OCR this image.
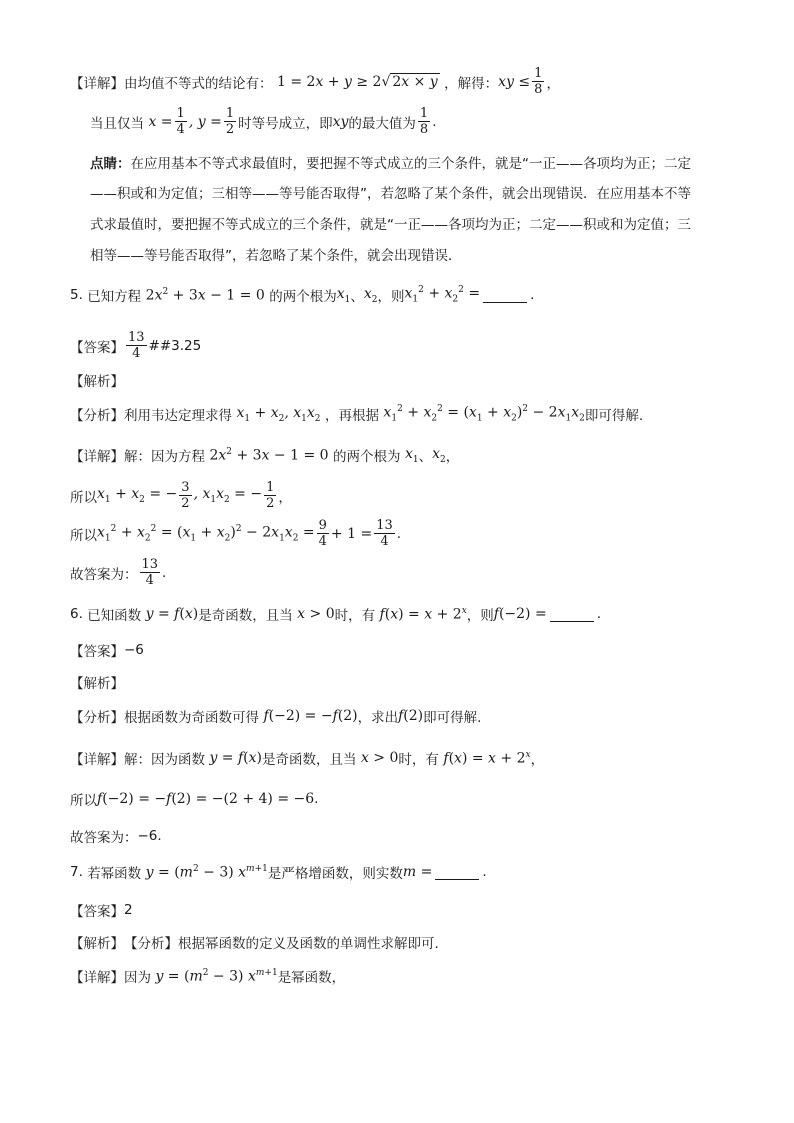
【详解】 由均值不等式的结论有： 1 = 2x + y ≥ 2√ 2x × y ，解得： xy ≤ $\frac{1}{8}$ ，
当且仅当 $x = \frac{1}{4}$ , $y = \frac{1}{2}$ 时等号成立，即 xy 的最大值为 $\frac{1}{8}$ .
点睛： 在应用基本不等式求最值时，要把握不等式成立的三个条件，就是“一正——各项均为正；二定
——积或和为定值；三相等——等号能否取得”，若忽略了某个条件，就会出现错误．在应用基本不等
式求最值时，要把握不等式成立的三个条件，就是“一正——各项均为正；二定——积或和为定值；三
相等——等号能否取得”，若忽略了某个条件，就会出现错误．
5.
已知方程 $2x^2 + 3x - 1 = 0$ 的两个根为 $x_1$ 、 $x_2$ ，则 $x_1^2 + x_2^2$ =	.
【答案】 $\frac{13}{4}$ ##3.25
【解析】
【分析】 利用韦达定理求得 $x_1 + x_2$, $x_1x_2$ ，再根据 $x_1^2 + x_2^2 = (x_1 + x_2)^2 - 2x_1x_2$ 即可得解.
【详解】 解：因为方程 $2x^2 + 3x - 1 = 0$ 的两个根为 $x_1$ 、 $x_2$ ，
所以 $x_1 + x_2$ = − $\frac{3}{2}$ , $x_1x_2$ = − $\frac{1}{2}$ ，
所以 $x_1^2 + x_2^2 = (x_1 + x_2)^2 - 2x_1x_2 = \frac{9}{4} + 1 = \frac{13}{4}$ .
故答案为： $\frac{13}{4}$ .
6.
已知函数 y = f(x) 是奇函数，且当 x > 0 时，有 $f(x) = x + 2^x$ ，则 f(−2) =	.
【答案】 −6
【解析】
【分析】 根据函数为奇函数可得 f(−2) = −f(2) ，求出 f(2) 即可得解.
【详解】 解：因为函数 y = f(x) 是奇函数，且当 x > 0 时，有 $f(x) = x + 2^x$ ，
所以 f(−2) = −f(2) = −(2 + 4) = −6 .
故答案为： −6 .
7.
若幂函数 $y = (m^2 - 3)$ $x^{m+1}$ 是严格增函数，则实数 m =	.
【答案】 2
【解析】 【分析】 根据幂函数的定义及函数的单调性求解即可.
【详解】 因为 $y = (m^2 - 3)$ $x^{m+1}$ 是幂函数，
